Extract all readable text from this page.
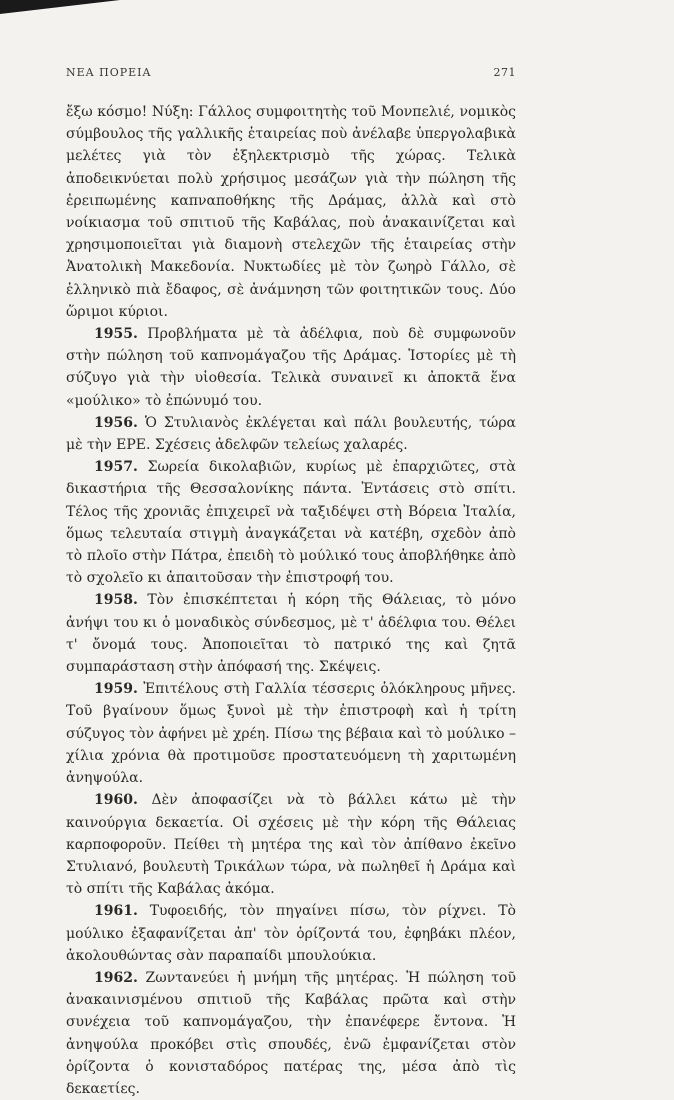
ΝΕΑ ΠΟΡΕΙΑ	271

ἔξω κόσμο! Νύξη: Γάλλος συμφοιτητὴς τοῦ Μονπελιέ, νομικὸς σύμβουλος τῆς γαλλικῆς ἑταιρείας ποὺ ἀνέλαβε ὑπεργολαβικὰ μελέτες γιὰ τὸν ἐξηλεκτρισμὸ τῆς χώρας. Τελικὰ ἀποδεικνύεται πολὺ χρήσιμος μεσάζων γιὰ τὴν πώληση τῆς ἐρειπωμένης καπναποθήκης τῆς Δράμας, ἀλλὰ καὶ στὸ νοίκιασμα τοῦ σπιτιοῦ τῆς Καβάλας, ποὺ ἀνακαινίζεται καὶ χρησιμοποιεῖται γιὰ διαμονὴ στελεχῶν τῆς ἑταιρείας στὴν Ἀνατολικὴ Μακεδονία. Νυκτωδίες μὲ τὸν ζωηρὸ Γάλλο, σὲ ἑλληνικὸ πιὰ ἔδαφος, σὲ ἀνάμνηση τῶν φοιτητικῶν τους. Δύο ὥριμοι κύριοι.

1955. Προβλήματα μὲ τὰ ἀδέλφια, ποὺ δὲ συμφωνοῦν στὴν πώληση τοῦ καπνομάγαζου τῆς Δράμας. Ἱστορίες μὲ τὴ σύζυγο γιὰ τὴν υἱοθεσία. Τελικὰ συναινεῖ κι ἀποκτᾶ ἕνα «μούλικο» τὸ ἐπώνυμό του.

1956. Ὁ Στυλιανὸς ἐκλέγεται καὶ πάλι βουλευτής, τώρα μὲ τὴν ΕΡΕ. Σχέσεις ἀδελφῶν τελείως χαλαρές.

1957. Σωρεία δικολαβιῶν, κυρίως μὲ ἐπαρχιῶτες, στὰ δικαστήρια τῆς Θεσσαλονίκης πάντα. Ἐντάσεις στὸ σπίτι. Τέλος τῆς χρονιᾶς ἐπιχειρεῖ νὰ ταξιδέψει στὴ Βόρεια Ἰταλία, ὅμως τελευταία στιγμὴ ἀναγκάζεται νὰ κατέβη, σχεδὸν ἀπὸ τὸ πλοῖο στὴν Πάτρα, ἐπειδὴ τὸ μούλικό τους ἀποβλήθηκε ἀπὸ τὸ σχολεῖο κι ἀπαιτοῦσαν τὴν ἐπιστροφή του.

1958. Τὸν ἐπισκέπτεται ἡ κόρη τῆς Θάλειας, τὸ μόνο ἀνήψι του κι ὁ μοναδικὸς σύνδεσμος, μὲ τ' ἀδέλφια του. Θέλει τ' ὄνομά τους. Ἀποποιεῖται τὸ πατρικό της καὶ ζητᾶ συμπαράσταση στὴν ἀπόφασή της. Σκέψεις.

1959. Ἐπιτέλους στὴ Γαλλία τέσσερις ὁλόκληρους μῆνες. Τοῦ βγαίνουν ὅμως ξυνοὶ μὲ τὴν ἐπιστροφὴ καὶ ἡ τρίτη σύζυγος τὸν ἀφήνει μὲ χρέη. Πίσω της βέβαια καὶ τὸ μούλικο – χίλια χρόνια θὰ προτιμοῦσε προστατευόμενη τὴ χαριτωμένη ἀνηψούλα.

1960. Δὲν ἀποφασίζει νὰ τὸ βάλλει κάτω μὲ τὴν καινούργια δεκαετία. Οἱ σχέσεις μὲ τὴν κόρη τῆς Θάλειας καρποφοροῦν. Πείθει τὴ μητέρα της καὶ τὸν ἀπίθανο ἐκεῖνο Στυλιανό, βουλευτὴ Τρικάλων τώρα, νὰ πωληθεῖ ἡ Δράμα καὶ τὸ σπίτι τῆς Καβάλας ἀκόμα.

1961. Τυφοειδής, τὸν πηγαίνει πίσω, τὸν ρίχνει. Τὸ μούλικο ἐξαφανίζεται ἀπ' τὸν ὁρίζοντά του, ἐφηβάκι πλέον, ἀκολουθώντας σὰν παραπαίδι μπουλούκια.

1962. Ζωντανεύει ἡ μνήμη τῆς μητέρας. Ἡ πώληση τοῦ ἀνακαινισμένου σπιτιοῦ τῆς Καβάλας πρῶτα καὶ στὴν συνέχεια τοῦ καπνομάγαζου, τὴν ἐπανέφερε ἔντονα. Ἡ ἀνηψούλα προκόβει στὶς σπουδές, ἐνῶ ἐμφανίζεται στὸν ὁρίζοντα ὁ κονισταδόρος πατέρας της, μέσα ἀπὸ τὶς δεκαετίες.
